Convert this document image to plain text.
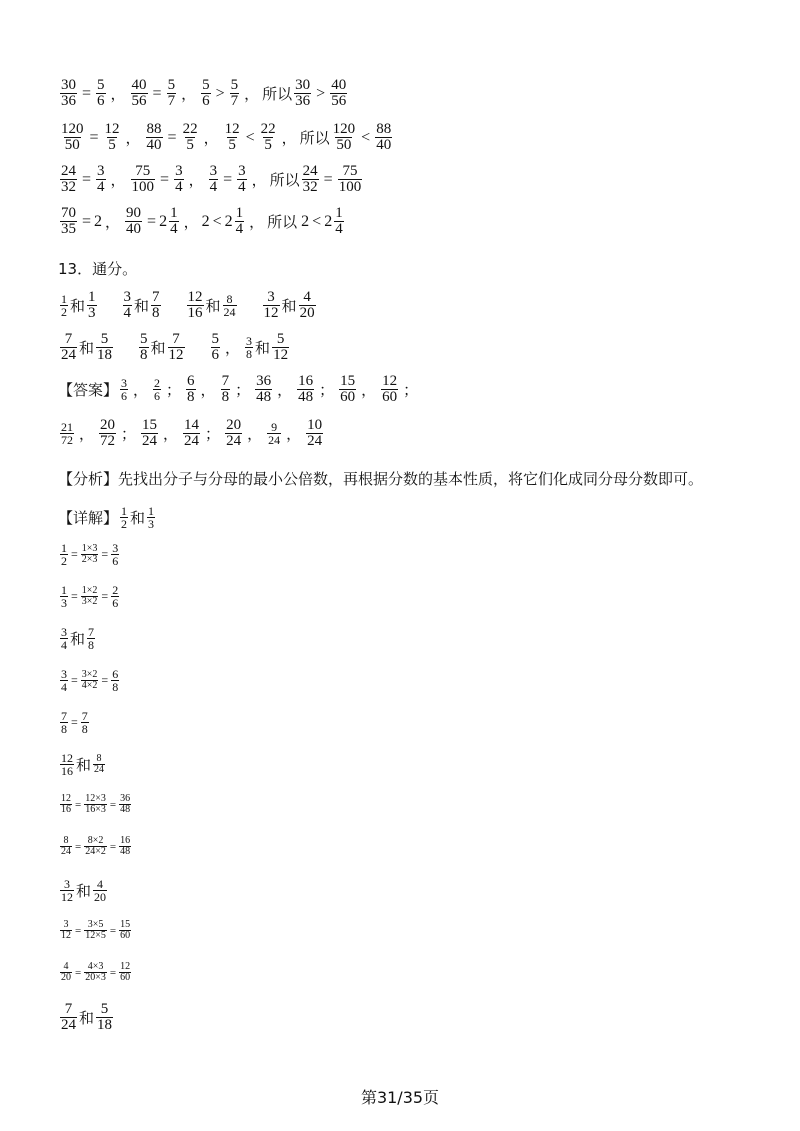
$\frac{30}{36} = \frac{5}{6}$ ， $\frac{40}{56} = \frac{5}{7}$ ， $\frac{5}{6} > \frac{5}{7}$ ， 所以 $\frac{30}{36} > \frac{40}{56}$
$\frac{120}{50} = \frac{12}{5}$ ， $\frac{88}{40} = \frac{22}{5}$ ， $\frac{12}{5} < \frac{22}{5}$ ， 所以 $\frac{120}{50} < \frac{88}{40}$
$\frac{24}{32} = \frac{3}{4}$ ， $\frac{75}{100} = \frac{3}{4}$ ， $\frac{3}{4} = \frac{3}{4}$ ， 所以 $\frac{24}{32} = \frac{75}{100}$
$\frac{70}{35} = 2$ ， $\frac{90}{40} = 2 \frac{1}{4}$ ， $2 < 2 \frac{1}{4}$ ， 所以 $2 < 2 \frac{1}{4}$
13．通分。
$\frac{1}{2}$ 和 $\frac{1}{3} \frac{3}{4}$ 和 $\frac{7}{8} \frac{12}{16}$ 和 $\frac{8}{24} \frac{3}{12}$ 和 $\frac{4}{20}$
$\frac{7}{24}$ 和 $\frac{5}{18} \frac{5}{8}$ 和 $\frac{7}{12} \frac{5}{6}$ ， $\frac{3}{8}$ 和 $\frac{5}{12}$
【答案】 $\frac{3}{6}$ ， $\frac{2}{6}$ ； $\frac{6}{8}$ ， $\frac{7}{8}$ ； $\frac{36}{48}$ ， $\frac{16}{48}$ ； $\frac{15}{60}$ ， $\frac{12}{60}$ ；
$\frac{21}{72}$ ， $\frac{20}{72}$ ； $\frac{15}{24}$ ， $\frac{14}{24}$ ； $\frac{20}{24}$ ， $\frac{9}{24}$ ， $\frac{10}{24}$
【分析】 先找出分子与分母的最小公倍数，再根据分数的基本性质，将它们化成同分母分数即可。
【详解】 $\frac{1}{2}$ 和 $\frac{1}{3}$
$\frac{1}{2} = \frac{1\times 3}{2\times 3} = \frac{3}{6}$
$\frac{1}{3} = \frac{1\times 2}{3\times 2} = \frac{2}{6}$
$\frac{3}{4}$ 和 $\frac{7}{8}$
$\frac{3}{4} = \frac{3\times 2}{4\times 2} = \frac{6}{8}$
$\frac{7}{8} = \frac{7}{8}$
$\frac{12}{16}$ 和 $\frac{8}{24}$
$\frac{12}{16} = \frac{12\times 3}{16\times 3} = \frac{36}{48}$
$\frac{8}{24} = \frac{8\times 2}{24\times 2} = \frac{16}{48}$
$\frac{3}{12}$ 和 $\frac{4}{20}$
$\frac{3}{12} = \frac{3\times 5}{12\times 5} = \frac{15}{60}$
$\frac{4}{20} = \frac{4\times 3}{20\times 3} = \frac{12}{60}$
$\frac{7}{24}$ 和 $\frac{5}{18}$
第31/35页
